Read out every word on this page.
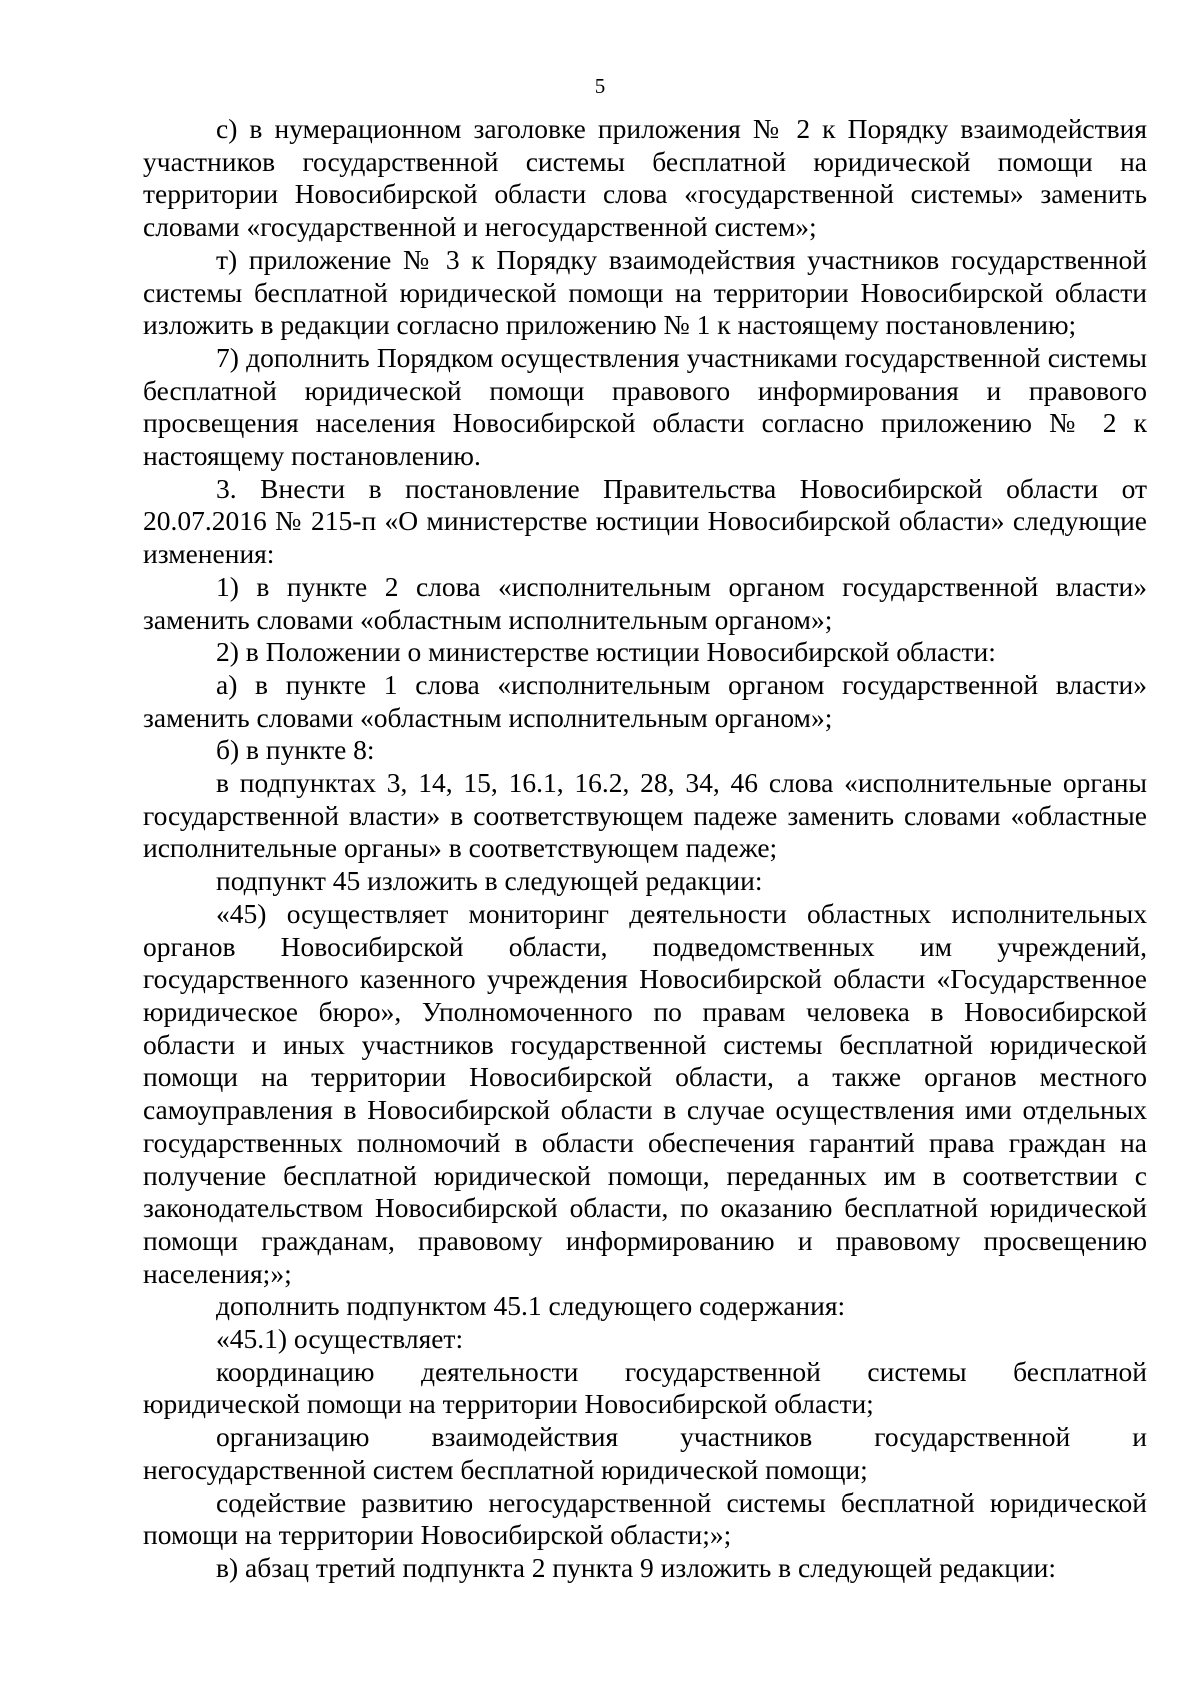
5

с) в нумерационном заголовке приложения № 2 к Порядку взаимодействия участников государственной системы бесплатной юридической помощи на территории Новосибирской области слова «государственной системы» заменить словами «государственной и негосударственной систем»;

т) приложение № 3 к Порядку взаимодействия участников государственной системы бесплатной юридической помощи на территории Новосибирской области изложить в редакции согласно приложению № 1 к настоящему постановлению;

7) дополнить Порядком осуществления участниками государственной системы бесплатной юридической помощи правового информирования и правового просвещения населения Новосибирской области согласно приложению № 2 к настоящему постановлению.

3. Внести в постановление Правительства Новосибирской области от 20.07.2016 № 215-п «О министерстве юстиции Новосибирской области» следующие изменения:

1) в пункте 2 слова «исполнительным органом государственной власти» заменить словами «областным исполнительным органом»;

2) в Положении о министерстве юстиции Новосибирской области:

а) в пункте 1 слова «исполнительным органом государственной власти» заменить словами «областным исполнительным органом»;

б) в пункте 8:

в подпунктах 3, 14, 15, 16.1, 16.2, 28, 34, 46 слова «исполнительные органы государственной власти» в соответствующем падеже заменить словами «областные исполнительные органы» в соответствующем падеже;

подпункт 45 изложить в следующей редакции:

«45) осуществляет мониторинг деятельности областных исполнительных органов Новосибирской области, подведомственных им учреждений, государственного казенного учреждения Новосибирской области «Государственное юридическое бюро», Уполномоченного по правам человека в Новосибирской области и иных участников государственной системы бесплатной юридической помощи на территории Новосибирской области, а также органов местного самоуправления в Новосибирской области в случае осуществления ими отдельных государственных полномочий в области обеспечения гарантий права граждан на получение бесплатной юридической помощи, переданных им в соответствии с законодательством Новосибирской области, по оказанию бесплатной юридической помощи гражданам, правовому информированию и правовому просвещению населения;»;

дополнить подпунктом 45.1 следующего содержания:

«45.1) осуществляет:

координацию деятельности государственной системы бесплатной юридической помощи на территории Новосибирской области;

организацию взаимодействия участников государственной и негосударственной систем бесплатной юридической помощи;

содействие развитию негосударственной системы бесплатной юридической помощи на территории Новосибирской области;»;

в) абзац третий подпункта 2 пункта 9 изложить в следующей редакции:
